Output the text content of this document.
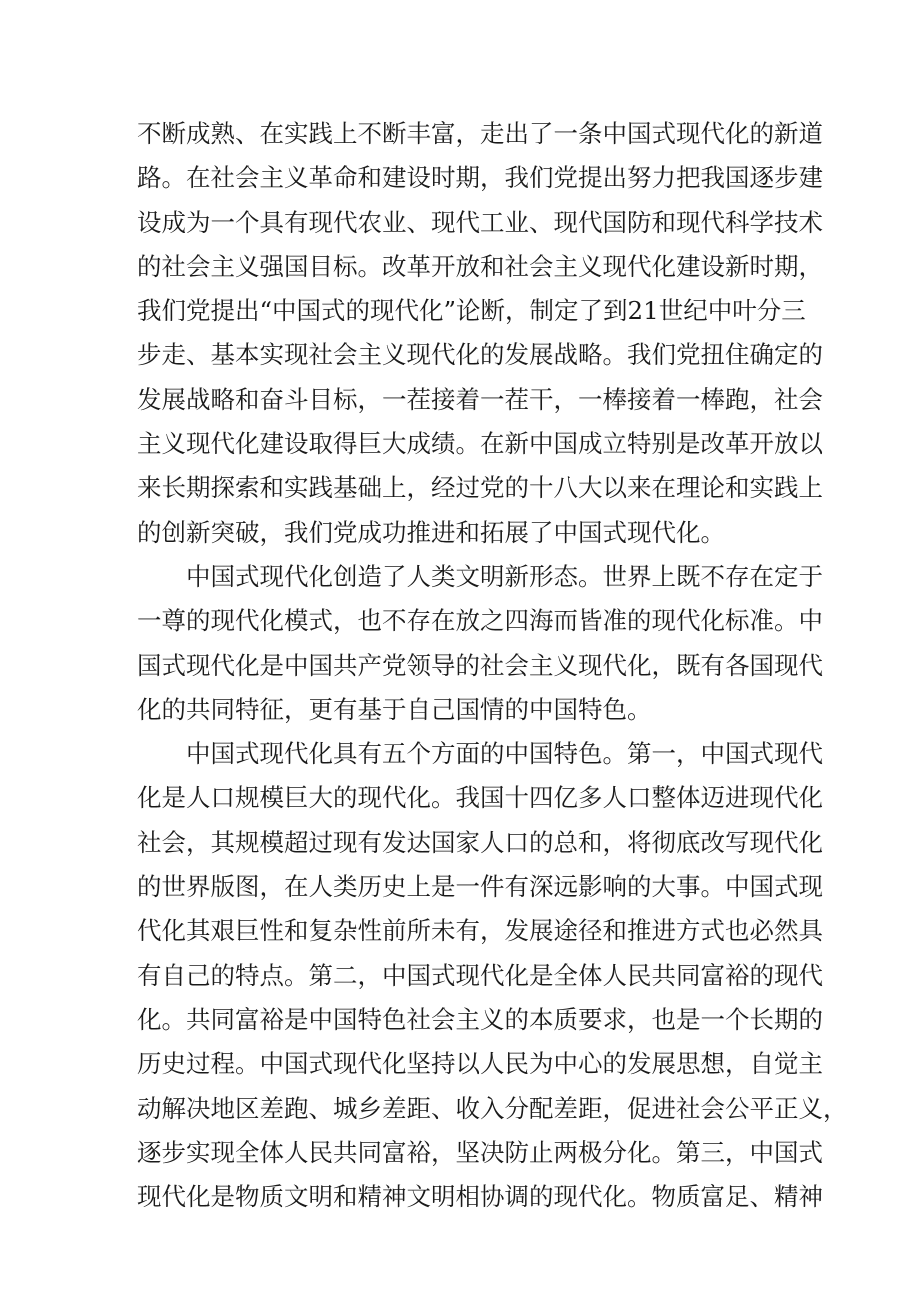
不断成熟、在实践上不断丰富，走出了一条中国式现代化的新道
路。在社会主义革命和建设时期，我们党提出努力把我国逐步建
设成为一个具有现代农业、现代工业、现代国防和现代科学技术
的社会主义强国目标。改革开放和社会主义现代化建设新时期，
我们党提出“中国式的现代化”论断，制定了到21世纪中叶分三
步走、基本实现社会主义现代化的发展战略。我们党扭住确定的
发展战略和奋斗目标，一茬接着一茬干，一棒接着一棒跑，社会
主义现代化建设取得巨大成绩。在新中国成立特别是改革开放以
来长期探索和实践基础上，经过党的十八大以来在理论和实践上
的创新突破，我们党成功推进和拓展了中国式现代化。
中国式现代化创造了人类文明新形态。世界上既不存在定于
一尊的现代化模式，也不存在放之四海而皆准的现代化标准。中
国式现代化是中国共产党领导的社会主义现代化，既有各国现代
化的共同特征，更有基于自己国情的中国特色。
中国式现代化具有五个方面的中国特色。第一，中国式现代
化是人口规模巨大的现代化。我国十四亿多人口整体迈进现代化
社会，其规模超过现有发达国家人口的总和，将彻底改写现代化
的世界版图，在人类历史上是一件有深远影响的大事。中国式现
代化其艰巨性和复杂性前所未有，发展途径和推进方式也必然具
有自己的特点。第二，中国式现代化是全体人民共同富裕的现代
化。共同富裕是中国特色社会主义的本质要求，也是一个长期的
历史过程。中国式现代化坚持以人民为中心的发展思想，自觉主
动解决地区差跑、城乡差距、收入分配差距，促进社会公平正义，
逐步实现全体人民共同富裕，坚决防止两极分化。第三，中国式
现代化是物质文明和精神文明相协调的现代化。物质富足、精神
